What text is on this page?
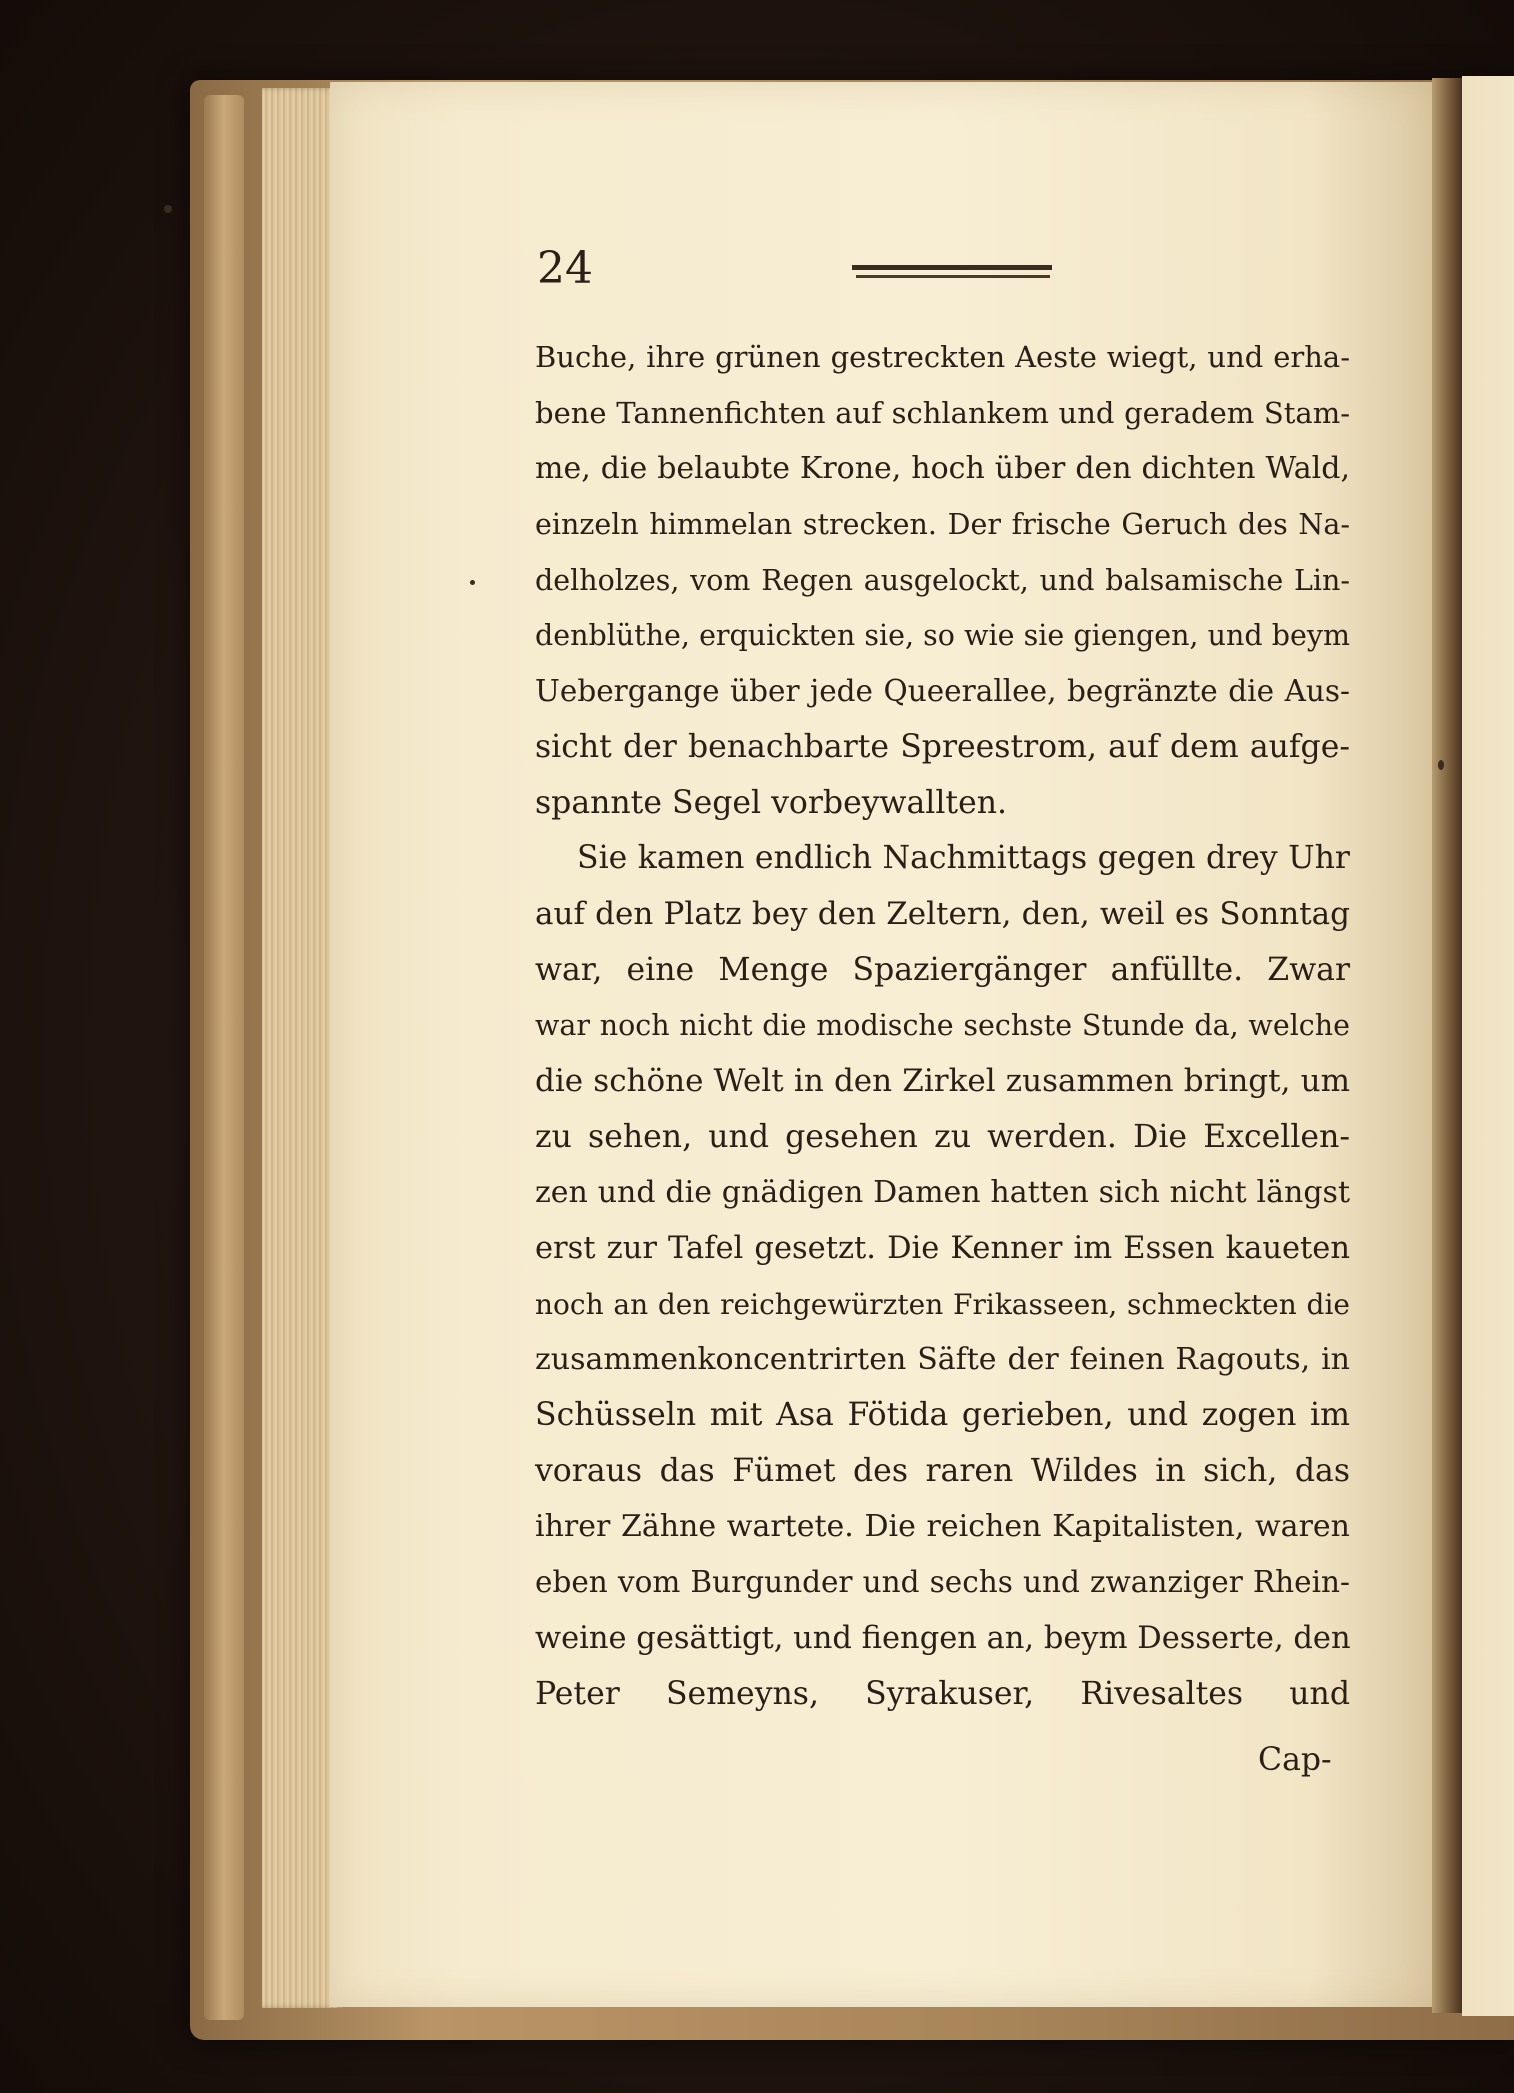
24

Buche, ihre grünen gestreckten Aeste wiegt, und erha-
bene Tannenfichten auf schlankem und geradem Stam-
me, die belaubte Krone, hoch über den dichten Wald,
einzeln himmelan strecken. Der frische Geruch des Na-
delholzes, vom Regen ausgelockt, und balsamische Lin-
denblüthe, erquickten sie, so wie sie giengen, und beym
Uebergange über jede Queerallee, begränzte die Aus-
sicht der benachbarte Spreestrom, auf dem aufge-
spannte Segel vorbeywallten.
Sie kamen endlich Nachmittags gegen drey Uhr
auf den Platz bey den Zeltern, den, weil es Sonntag
war, eine Menge Spaziergänger anfüllte. Zwar
war noch nicht die modische sechste Stunde da, welche
die schöne Welt in den Zirkel zusammen bringt, um
zu sehen, und gesehen zu werden. Die Excellen-
zen und die gnädigen Damen hatten sich nicht längst
erst zur Tafel gesetzt. Die Kenner im Essen kaueten
noch an den reichgewürzten Frikasseen, schmeckten die
zusammenkoncentrirten Säfte der feinen Ragouts, in
Schüsseln mit Asa Fötida gerieben, und zogen im
voraus das Fümet des raren Wildes in sich, das
ihrer Zähne wartete. Die reichen Kapitalisten, waren
eben vom Burgunder und sechs und zwanziger Rhein-
weine gesättigt, und fiengen an, beym Desserte, den
Peter Semeyns, Syrakuser, Rivesaltes und

Cap-
